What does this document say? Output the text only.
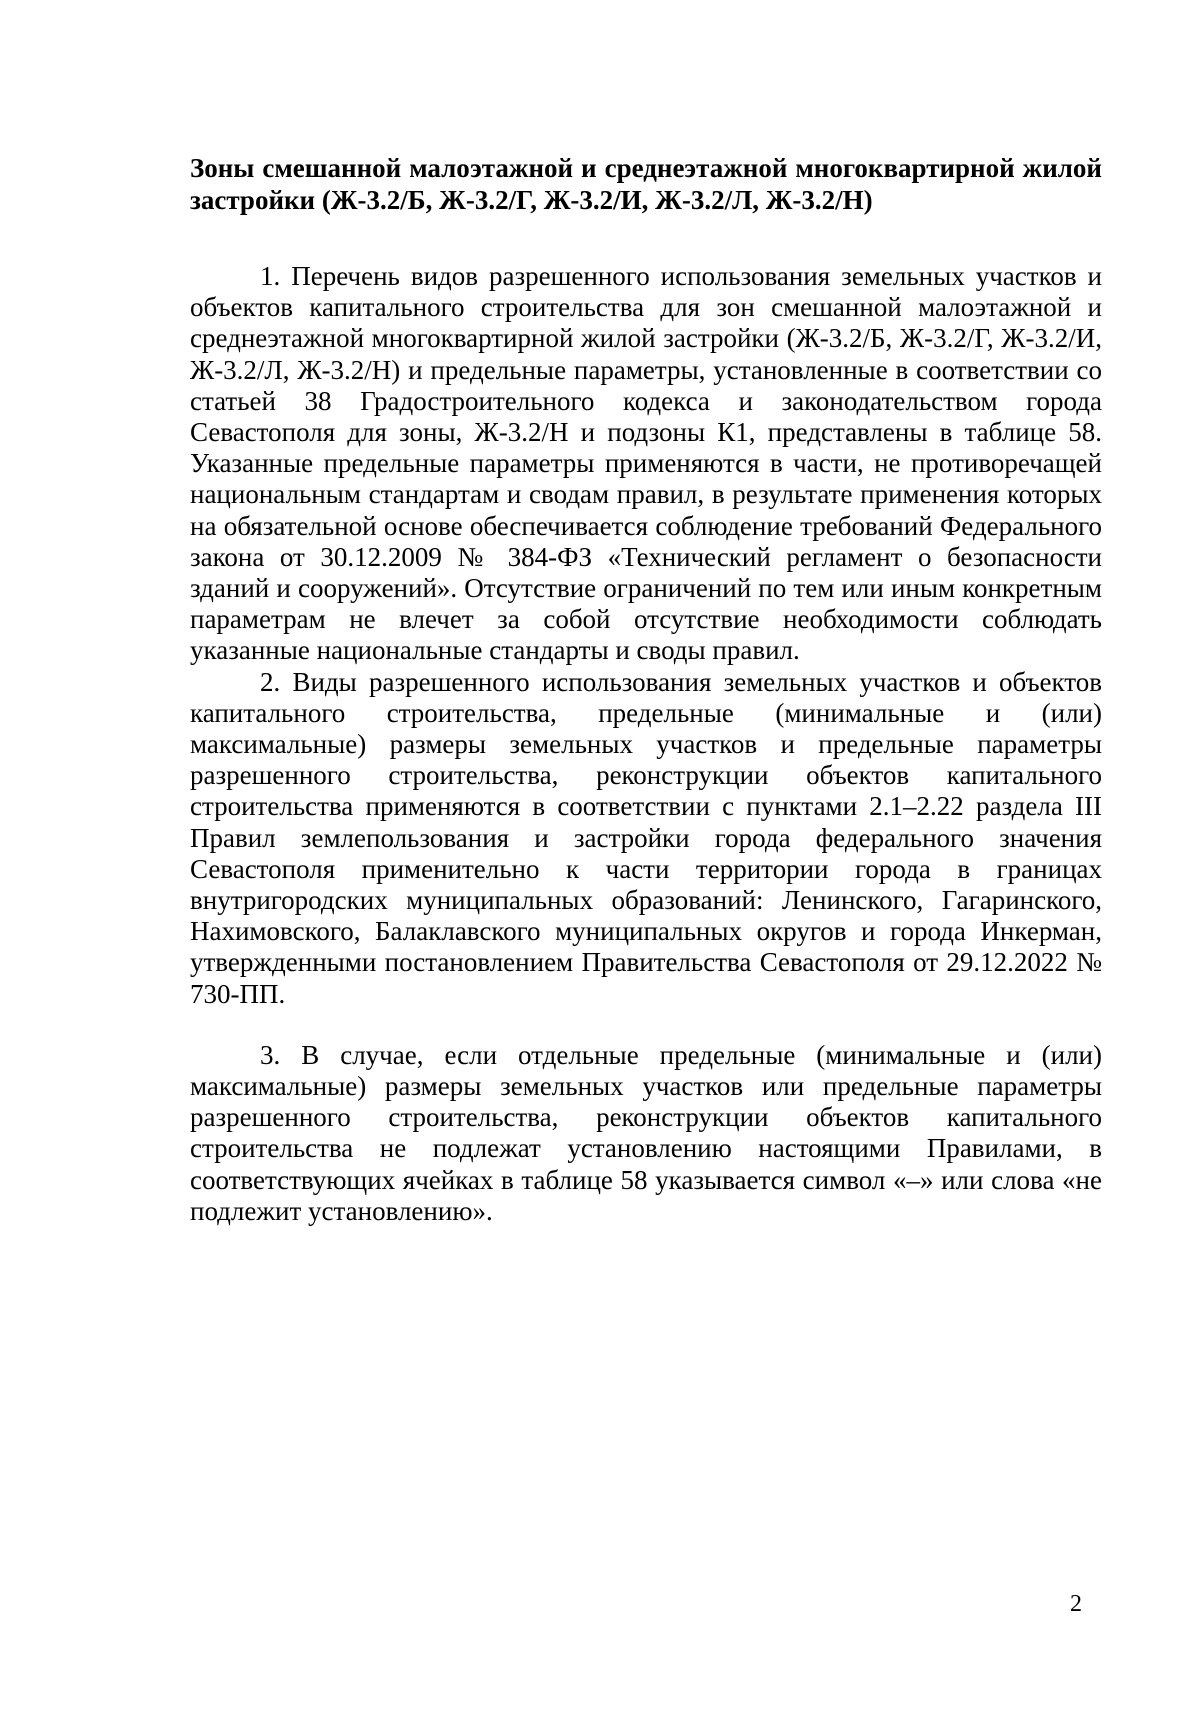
Зоны смешанной малоэтажной и среднеэтажной многоквартирной жилой застройки (Ж-3.2/Б, Ж-3.2/Г, Ж-3.2/И, Ж-3.2/Л, Ж-3.2/Н)

1. Перечень видов разрешенного использования земельных участков и объектов капитального строительства для зон смешанной малоэтажной и среднеэтажной многоквартирной жилой застройки (Ж-3.2/Б, Ж-3.2/Г, Ж-3.2/И, Ж-3.2/Л, Ж-3.2/Н) и предельные параметры, установленные в соответствии со статьей 38 Градостроительного кодекса и законодательством города Севастополя для зоны, Ж-3.2/Н и подзоны К1, представлены в таблице 58. Указанные предельные параметры применяются в части, не противоречащей национальным стандартам и сводам правил, в результате применения которых на обязательной основе обеспечивается соблюдение требований Федерального закона от 30.12.2009 № 384-ФЗ «Технический регламент о безопасности зданий и сооружений». Отсутствие ограничений по тем или иным конкретным параметрам не влечет за собой отсутствие необходимости соблюдать указанные национальные стандарты и своды правил.

2. Виды разрешенного использования земельных участков и объектов капитального строительства, предельные (минимальные и (или) максимальные) размеры земельных участков и предельные параметры разрешенного строительства, реконструкции объектов капитального строительства применяются в соответствии с пунктами 2.1–2.22 раздела III Правил землепользования и застройки города федерального значения Севастополя применительно к части территории города в границах внутригородских муниципальных образований: Ленинского, Гагаринского, Нахимовского, Балаклавского муниципальных округов и города Инкерман, утвержденными постановлением Правительства Севастополя от 29.12.2022 № 730-ПП.

3. В случае, если отдельные предельные (минимальные и (или) максимальные) размеры земельных участков или предельные параметры разрешенного строительства, реконструкции объектов капитального строительства не подлежат установлению настоящими Правилами, в соответствующих ячейках в таблице 58 указывается символ «–» или слова «не подлежит установлению».

2
